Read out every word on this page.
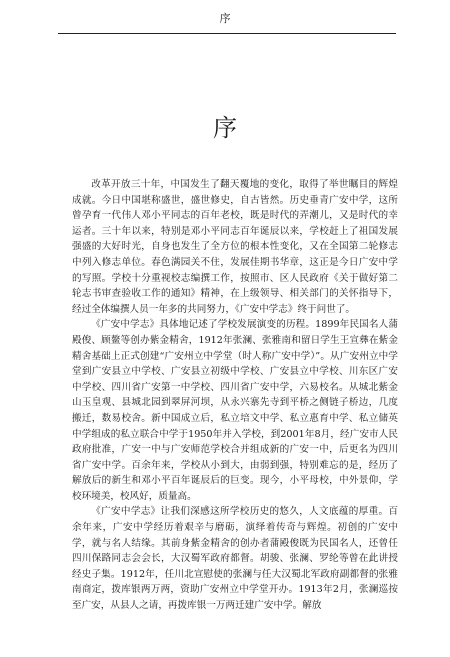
序
序

改革开放三十年，中国发生了翻天覆地的变化，取得了举世瞩目的辉煌成就。今日中国堪称盛世，盛世修史，自古皆然。历史垂青广安中学，这所曾孕育一代伟人邓小平同志的百年老校，既是时代的弄潮儿，又是时代的幸运者。三十年以来，特别是邓小平同志百年诞辰以来，学校赶上了祖国发展强盛的大好时光，自身也发生了全方位的根本性变化，又在全国第二轮修志中列入修志单位。春色满园关不住，发展佳期书华章，这正是今日广安中学的写照。学校十分重视校志编撰工作，按照市、区人民政府《关于做好第二轮志书审查验收工作的通知》精神，在上级领导、相关部门的关怀指导下，经过全体编撰人员一年多的共同努力，《广安中学志》终于问世了。

《广安中学志》具体地记述了学校发展演变的历程。1899年民国名人蒲殿俊、顾鳌等创办紫金精舍，1912年张澜、张雅南和留日学生王宣彝在紫金精舍基础上正式创建“广安州立中学堂（时人称广安中学）”。从广安州立中学堂到广安县立中学校、广安县立初级中学校、广安县立中学校、川东区广安中学校、四川省广安第一中学校、四川省广安中学，六易校名。从城北紫金山玉皇观、县城北园到翠屏河坝，从永兴寨先寺到平桥之侧链子桥边，几度搬迁，数易校舍。新中国成立后，私立培文中学、私立惠育中学、私立储英中学组成的私立联合中学于1950年并入学校，到2001年8月，经广安市人民政府批准，广安一中与广安师范学校合并组成新的广安一中，后更名为四川省广安中学。百余年来，学校从小到大，由弱到强，特别难忘的是，经历了解放后的新生和邓小平百年诞辰后的巨变。现今，小平母校，中外景仰，学校环境美，校风好，质量高。

《广安中学志》让我们深感这所学校历史的悠久，人文底蕴的厚重。百余年来，广安中学经历着艰辛与磨砺，演绎着传奇与辉煌。初创的广安中学，就与名人结缘。其前身紫金精舍的创办者蒲殿俊既为民国名人，还曾任四川保路同志会会长，大汉蜀军政府都督。胡骏、张澜、罗纶等曾在此讲授经史子集。1912年，任川北宣慰使的张澜与任大汉蜀北军政府副都督的张雅南商定，拨库银两万两，资助广安州立中学堂开办。1913年2月，张澜巡按至广安，从县人之请，再拨库银一万两迁建广安中学。解放
